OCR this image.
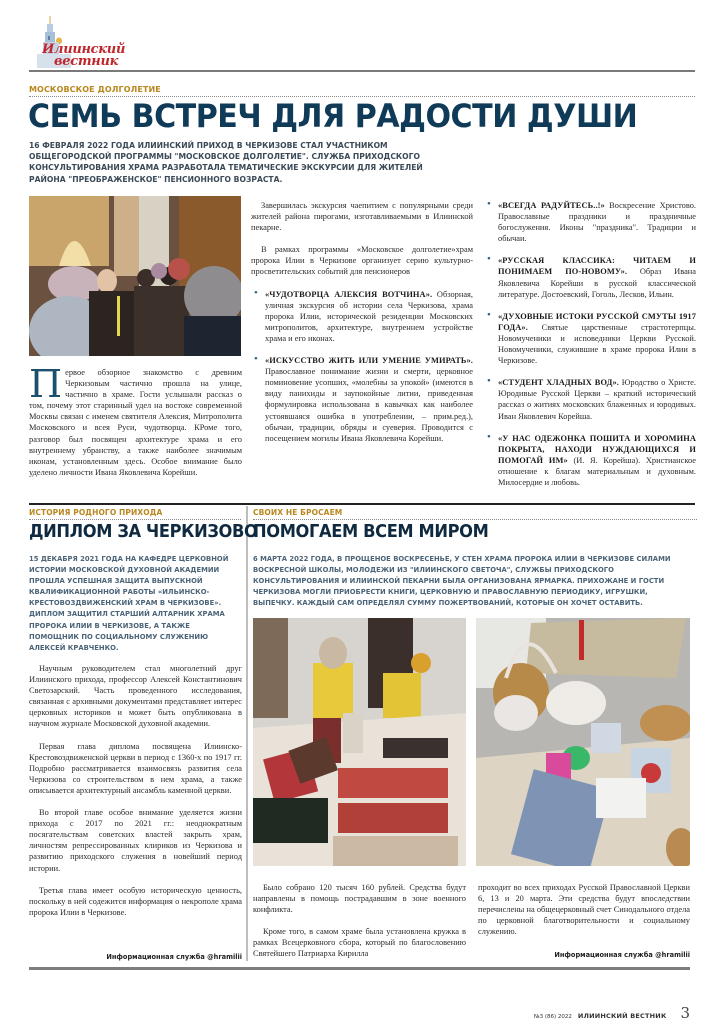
Илиинский
вестник
МОСКОВСКОЕ ДОЛГОЛЕТИЕ
СЕМЬ ВСТРЕЧ ДЛЯ РАДОСТИ ДУШИ
16 ФЕВРАЛЯ 2022 ГОДА ИЛИИНСКИЙ ПРИХОД В ЧЕРКИЗОВЕ СТАЛ УЧАСТНИКОМ ОБЩЕГОРОДСКОЙ ПРОГРАММЫ "МОСКОВСКОЕ ДОЛГОЛЕТИЕ". СЛУЖБА ПРИХОДСКОГО КОНСУЛЬТИРОВАНИЯ ХРАМА РАЗРАБОТАЛА ТЕМАТИЧЕСКИЕ ЭКСКУРСИИ ДЛЯ ЖИТЕЛЕЙ РАЙОНА "ПРЕОБРАЖЕНСКОЕ" ПЕНСИОННОГО ВОЗРАСТА.

Первое обзорное знакомство с древним Черкизовым частично прошла на улице, частично в храме. Гости услышали рассказ о том, почему этот старинный удел на востоке современной Москвы связан с именем святителя Алексия, Митрополита Московского и всея Руси, чудотворца. КРоме того, разговор был посвящен архитектуре храма и его внутреннему убранству, а также наиболее значимым иконам, установленным здесь. Особое внимание было уделено личности Ивана Яковлевича Корейши.

Завершилась экскурсия чаепитием с популярными среди жителей района пирогами, изготавливаемыми в Илиинской пекарне.

В рамках программы «Московское долголетие»храм пророка Илии в Черкизове организует серию культурно-просветительских событий для пенсионеров

• «ЧУДОТВОРЦА АЛЕКСИЯ ВОТЧИНА». Обзорная, уличная экскурсия об истории села Черкизова, храма пророка Илии, исторической резиденции Московских митрополитов, архитектуре, внутреннем устройстве храма и его иконах.
• «ИСКУССТВО ЖИТЬ ИЛИ УМЕНИЕ УМИРАТЬ». Православное понимание жизни и смерти, церковное поминовение усопших, «молебны за упокой» (имеются в виду панихиды и заупокойные литии, приведенная формулировка использована в кавычках как наиболее устоявшаяся ошибка в употреблении, – прим.ред.), обычаи, традиции, обряды и суеверия. Проводится с посещением могилы Ивана Яковлевича Корейши.
• «ВСЕГДА РАДУЙТЕСЬ..!» Воскресение Христово. Православные праздники и праздничные богослужения. Иконы "праздника". Традиции и обычаи.
• «РУССКАЯ КЛАССИКА: ЧИТАЕМ И ПОНИМАЕМ ПО-НОВОМУ». Образ Ивана Яковлевича Корейши в русской классической литературе. Достоевский, Гоголь, Лесков, Ильин.
• «ДУХОВНЫЕ ИСТОКИ РУССКОЙ СМУТЫ 1917 ГОДА». Святые царственные страстотерпцы. Новомученики и исповедники Церкви Русской. Новомученики, служившие в храме пророка Илии в Черкизове.
• «СТУДЕНТ ХЛАДНЫХ ВОД». Юродство о Христе. Юродивые Русской Церкви – краткий исторический рассказ о житиях московских блаженных и юродивых. Иван Яковлевич Корейша.
• «У НАС ОДЕЖОНКА ПОШИТА И ХОРОМИНА ПОКРЫТА, НАХОДИ НУЖДАЮЩИХСЯ И ПОМОГАЙ ИМ» (И. Я. Корейша). Христианское отношение к благам материальным и духовным. Милосердие и любовь.
ИСТОРИЯ РОДНОГО ПРИХОДА
ДИПЛОМ ЗА ЧЕРКИЗОВО
15 ДЕКАБРЯ 2021 ГОДА НА КАФЕДРЕ ЦЕРКОВНОЙ ИСТОРИИ МОСКОВСКОЙ ДУХОВНОЙ АКАДЕМИИ ПРОШЛА УСПЕШНАЯ ЗАЩИТА ВЫПУСКНОЙ КВАЛИФИКАЦИОННОЙ РАБОТЫ «ИЛЬИНСКО-КРЕСТОВОЗДВИЖЕНСКИЙ ХРАМ В ЧЕРКИЗОВЕ». ДИПЛОМ ЗАЩИТИЛ СТАРШИЙ АЛТАРНИК ХРАМА ПРОРОКА ИЛИИ В ЧЕРКИЗОВЕ, А ТАКЖЕ ПОМОЩНИК ПО СОЦИАЛЬНОМУ СЛУЖЕНИЮ АЛЕКСЕЙ КРАВЧЕНКО.

Научным руководителем стал многолетний друг Илиинского прихода, профессор Алексей Константинович Светозарский. Часть проведенного исследования, связанная с архивными документами представляет интерес церковных историков и может быть опубликована в научном журнале Московской духовной академии.

Первая глава диплома посвящена Илиинско-Крестовоздвиженской церкви в период с 1360-х по 1917 гг. Подробно рассматривается взаимосвязь развития села Черкизова со строительством в нем храма, а также описывается архитектурный ансамбль каменной церкви.

Во второй главе особое внимание уделяется жизни прихода с 2017 по 2021 гг.: неоднократным посягательствам советских властей закрыть храм, личностям репрессированных клириков из Черкизова и развитию приходского служения в новейший период истории.

Третья глава имеет особую историческую ценность, поскольку в ней содежится информация о некрополе храма пророка Илии в Черкизове.

Информационная служба @hramilii
СВОИХ НЕ БРОСАЕМ
ПОМОГАЕМ ВСЕМ МИРОМ
6 МАРТА 2022 ГОДА, В ПРОЩЕНОЕ ВОСКРЕСЕНЬЕ, У СТЕН ХРАМА ПРОРОКА ИЛИИ В ЧЕРКИЗОВЕ СИЛАМИ ВОСКРЕСНОЙ ШКОЛЫ, МОЛОДЕЖИ ИЗ "ИЛИИНСКОГО СВЕТОЧА", СЛУЖБЫ ПРИХОДСКОГО КОНСУЛЬТИРОВАНИЯ И ИЛИИНСКОЙ ПЕКАРНИ БЫЛА ОРГАНИЗОВАНА ЯРМАРКА. ПРИХОЖАНЕ И ГОСТИ ЧЕРКИЗОВА МОГЛИ ПРИОБРЕСТИ КНИГИ, ЦЕРКОВНУЮ И ПРАВОСЛАВНУЮ ПЕРИОДИКУ, ИГРУШКИ, ВЫПЕЧКУ. КАЖДЫЙ САМ ОПРЕДЕЛЯЛ СУММУ ПОЖЕРТВОВАНИЙ, КОТОРЫЕ ОН ХОЧЕТ ОСТАВИТЬ.

Было собрано 120 тысяч 160 рублей. Средства будут направлены в помощь пострадавшим в зоне военного конфликта.

Кроме того, в самом храме была установлена кружка в рамках Всецерковного сбора, который по благословению Святейшего Патриарха Кирилла

проходит во всех приходах Русской Православной Церкви 6, 13 и 20 марта. Эти средства будут впоследствии перечислены на общецерковный счет Синодального отдела по церковной благотворительности и социальному служению.

Информационная служба @hramilii
№3 (86) 2022 ИЛИИНСКИЙ ВЕСТНИК 3
